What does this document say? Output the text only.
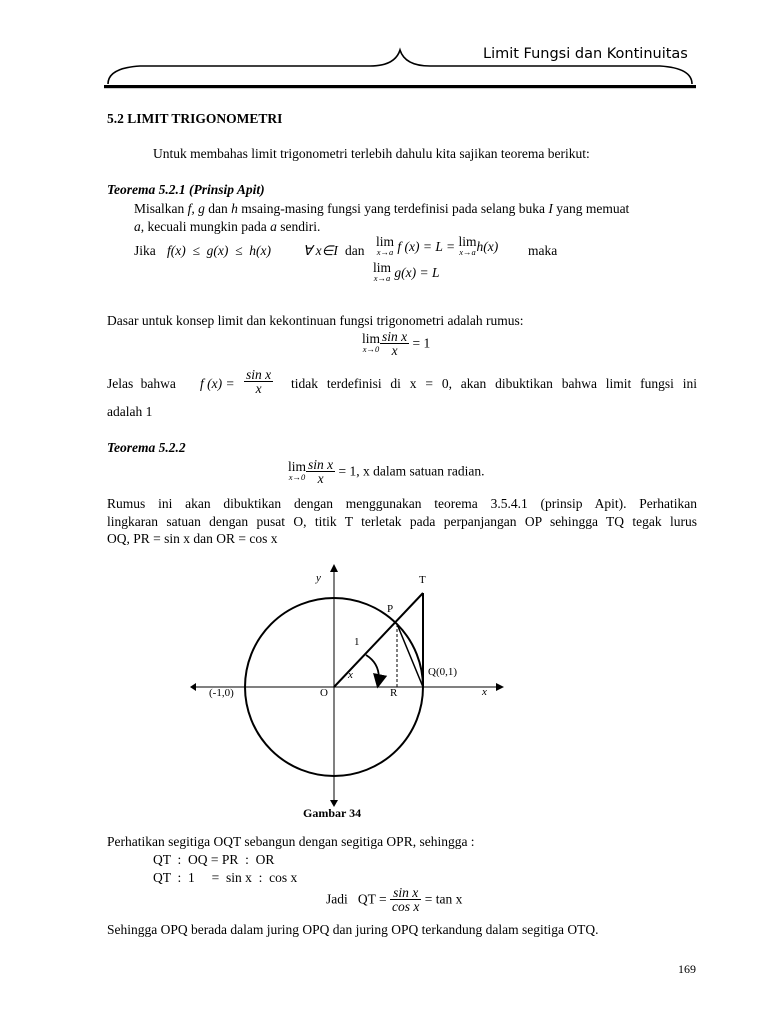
Limit Fungsi dan Kontinuitas
5.2 LIMIT TRIGONOMETRI
Untuk membahas limit trigonometri terlebih dahulu kita sajikan teorema berikut:
Teorema 5.2.1 (Prinsip Apit)
Misalkan f, g dan h msaing-masing fungsi yang terdefinisi pada selang buka I yang memuat
a, kecuali mungkin pada a sendiri.
Jika f(x)  ≤  g(x)  ≤  h(x) ∀ x∈I dan
lim
x→a f (x) = L = lim
x→a h(x) maka
lim
x→a g(x) = L
Dasar untuk konsep limit dan kekontinuan fungsi trigonometri adalah rumus:
lim
$x\to 0 \frac{\text{sin x}}{x} = 1$
Jelas bahwa f $(x) = \frac{\text{sin x}}{x}$ tidak terdefinisi di x = 0, akan dibuktikan bahwa limit fungsi ini
adalah 1
Teorema 5.2.2
lim
$x\to 0 \frac{\text{sin x}}{x} = 1$, x dalam satuan radian.
Rumus ini akan dibuktikan dengan menggunakan teorema 3.5.4.1 (prinsip Apit). Perhatikan
lingkaran satuan dengan pusat O, titik T terletak pada perpanjangan OP sehingga TQ tegak lurus
OQ, PR = sin x dan OR = cos x
y
x
T
P
1
x	Q(0,1)
(-1,0)	O	R
Gambar 34
Perhatikan segitiga OQT sebangun dengan segitiga OPR, sehingga :
QT  :  OQ = PR  :  OR
QT  :  1     =  sin x  :  cos x
Jadi   QT = $\frac{\text{sin x}}{\text{cos x}} = \tan x$
Sehingga OPQ berada dalam juring OPQ dan juring OPQ terkandung dalam segitiga OTQ.
169
